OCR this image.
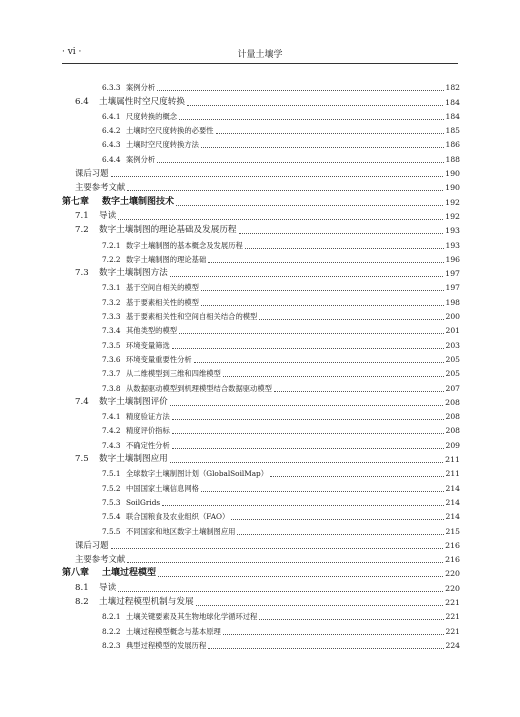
· vi ·	计量土壤学
6.3.3 案例分析	182
6.4	土壤属性时空尺度转换	184
6.4.1 尺度转换的概念	184
6.4.2 土壤时空尺度转换的必要性	185
6.4.3 土壤时空尺度转换方法	186
6.4.4 案例分析	188
课后习题	190
主要参考文献	190
第七章	数字土壤制图技术	192
7.1	导读	192
7.2	数字土壤制图的理论基础及发展历程	193
7.2.1 数字土壤制图的基本概念及发展历程	193
7.2.2 数字土壤制图的理论基础	196
7.3	数字土壤制图方法	197
7.3.1 基于空间自相关的模型	197
7.3.2 基于要素相关性的模型	198
7.3.3 基于要素相关性和空间自相关结合的模型	200
7.3.4 其他类型的模型	201
7.3.5 环境变量筛选	203
7.3.6 环境变量重要性分析	205
7.3.7 从二维模型到三维和四维模型	205
7.3.8 从数据驱动模型到机理模型结合数据驱动模型	207
7.4	数字土壤制图评价	208
7.4.1 精度验证方法	208
7.4.2 精度评价指标	208
7.4.3 不确定性分析	209
7.5	数字土壤制图应用	211
7.5.1 全球数字土壤制图计划（GlobalSoilMap）	211
7.5.2 中国国家土壤信息网格	214
7.5.3 SoilGrids	214
7.5.4 联合国粮食及农业组织（FAO）	214
7.5.5 不同国家和地区数字土壤制图应用	215
课后习题	216
主要参考文献	216
第八章	土壤过程模型	220
8.1	导读	220
8.2	土壤过程模型机制与发展	221
8.2.1 土壤关键要素及其生物地球化学循环过程	221
8.2.2 土壤过程模型概念与基本原理	221
8.2.3 典型过程模型的发展历程	224
